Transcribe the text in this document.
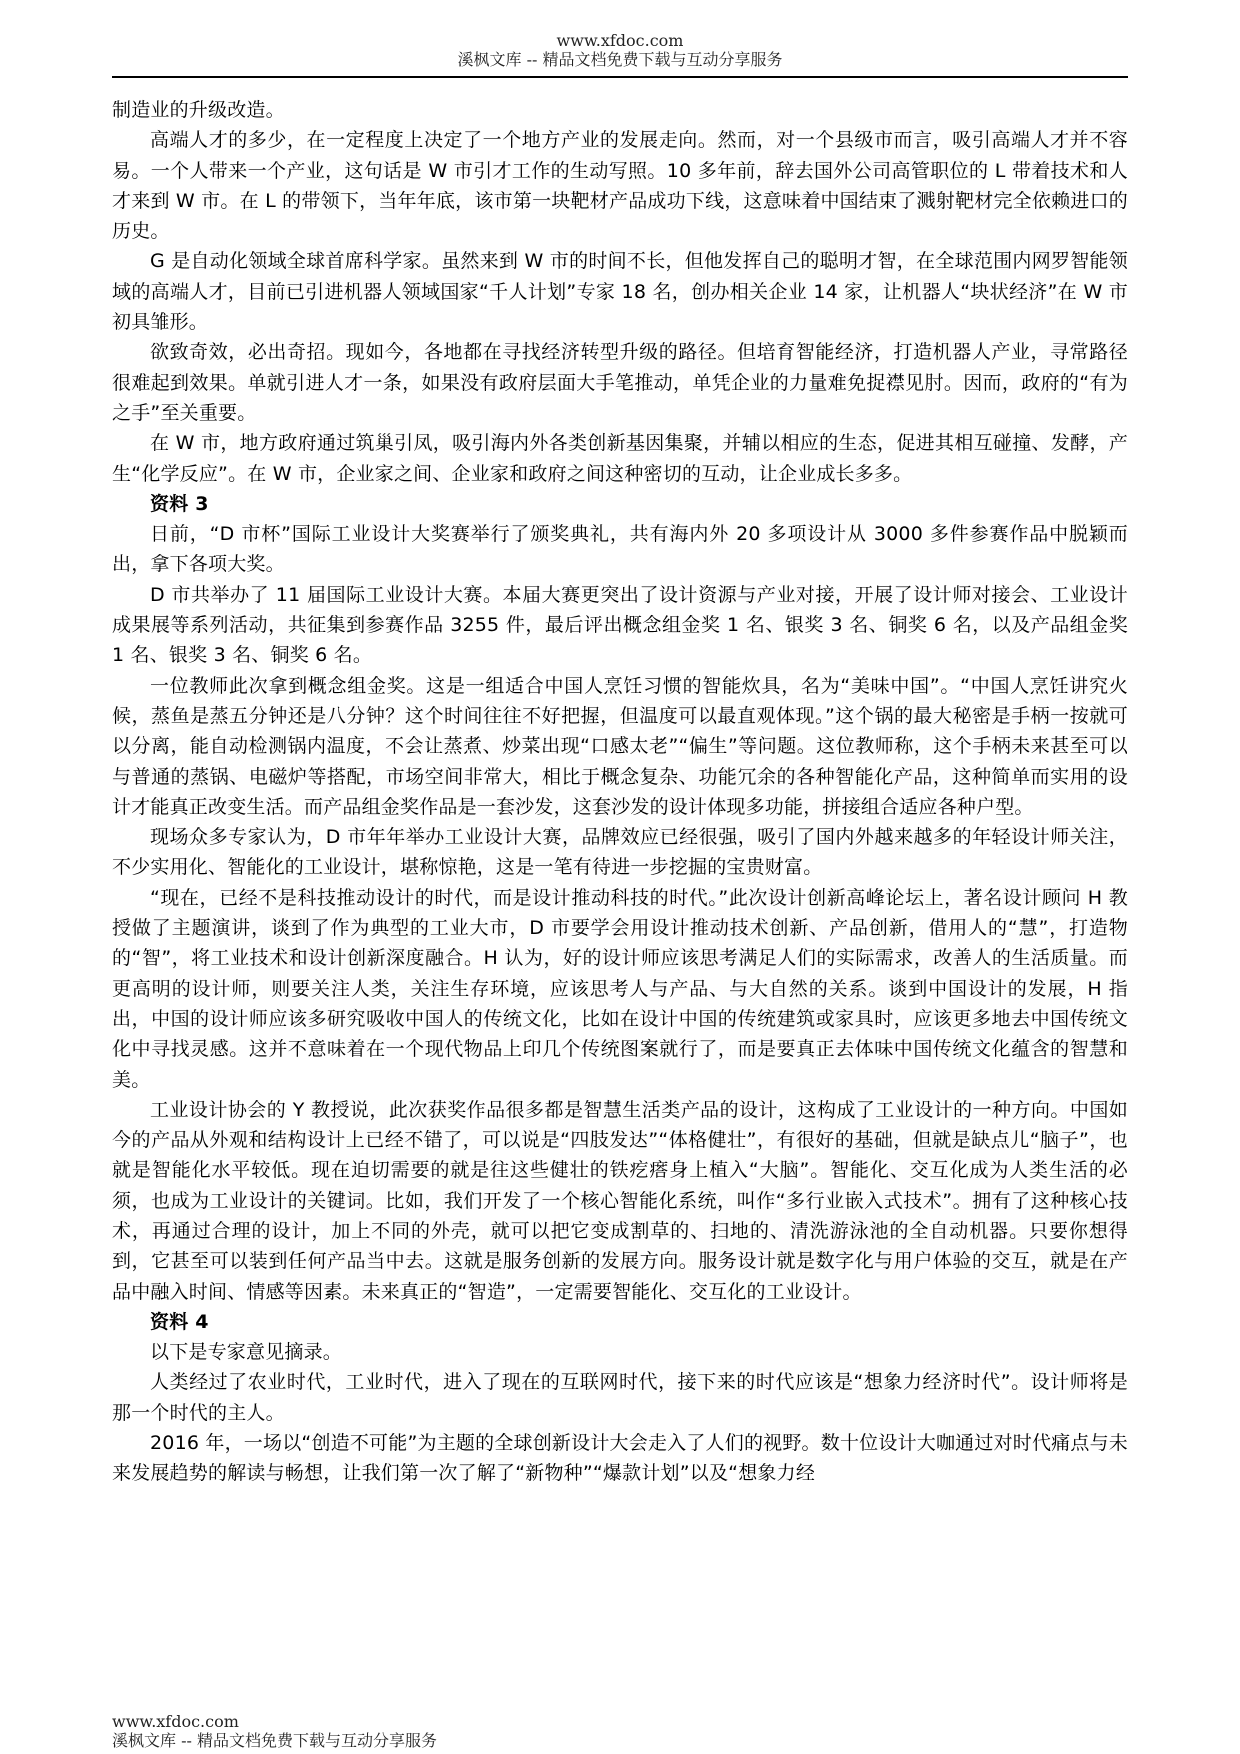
www.xfdoc.com
溪枫文库 -- 精品文档免费下载与互动分享服务

制造业的升级改造。

高端人才的多少，在一定程度上决定了一个地方产业的发展走向。然而，对一个县级市而言，吸引高端人才并不容易。一个人带来一个产业，这句话是 W 市引才工作的生动写照。10 多年前，辞去国外公司高管职位的 L 带着技术和人才来到 W 市。在 L 的带领下，当年年底，该市第一块靶材产品成功下线，这意味着中国结束了溅射靶材完全依赖进口的历史。

G 是自动化领域全球首席科学家。虽然来到 W 市的时间不长，但他发挥自己的聪明才智，在全球范围内网罗智能领域的高端人才，目前已引进机器人领域国家“千人计划”专家 18 名，创办相关企业 14 家，让机器人“块状经济”在 W 市初具雏形。

欲致奇效，必出奇招。现如今，各地都在寻找经济转型升级的路径。但培育智能经济，打造机器人产业，寻常路径很难起到效果。单就引进人才一条，如果没有政府层面大手笔推动，单凭企业的力量难免捉襟见肘。因而，政府的“有为之手”至关重要。

在 W 市，地方政府通过筑巢引凤，吸引海内外各类创新基因集聚，并辅以相应的生态，促进其相互碰撞、发酵，产生“化学反应”。在 W 市，企业家之间、企业家和政府之间这种密切的互动，让企业成长多多。

资料 3

日前，“D 市杯”国际工业设计大奖赛举行了颁奖典礼，共有海内外 20 多项设计从 3000 多件参赛作品中脱颖而出，拿下各项大奖。

D 市共举办了 11 届国际工业设计大赛。本届大赛更突出了设计资源与产业对接，开展了设计师对接会、工业设计成果展等系列活动，共征集到参赛作品 3255 件，最后评出概念组金奖 1 名、银奖 3 名、铜奖 6 名，以及产品组金奖 1 名、银奖 3 名、铜奖 6 名。

一位教师此次拿到概念组金奖。这是一组适合中国人烹饪习惯的智能炊具，名为“美味中国”。“中国人烹饪讲究火候，蒸鱼是蒸五分钟还是八分钟？这个时间往往不好把握，但温度可以最直观体现。”这个锅的最大秘密是手柄一按就可以分离，能自动检测锅内温度，不会让蒸煮、炒菜出现“口感太老”“偏生”等问题。这位教师称，这个手柄未来甚至可以与普通的蒸锅、电磁炉等搭配，市场空间非常大，相比于概念复杂、功能冗余的各种智能化产品，这种简单而实用的设计才能真正改变生活。而产品组金奖作品是一套沙发，这套沙发的设计体现多功能，拼接组合适应各种户型。

现场众多专家认为，D 市年年举办工业设计大赛，品牌效应已经很强，吸引了国内外越来越多的年轻设计师关注，不少实用化、智能化的工业设计，堪称惊艳，这是一笔有待进一步挖掘的宝贵财富。

“现在，已经不是科技推动设计的时代，而是设计推动科技的时代。”此次设计创新高峰论坛上，著名设计顾问 H 教授做了主题演讲，谈到了作为典型的工业大市，D 市要学会用设计推动技术创新、产品创新，借用人的“慧”，打造物的“智”，将工业技术和设计创新深度融合。H 认为，好的设计师应该思考满足人们的实际需求，改善人的生活质量。而更高明的设计师，则要关注人类，关注生存环境，应该思考人与产品、与大自然的关系。谈到中国设计的发展，H 指出，中国的设计师应该多研究吸收中国人的传统文化，比如在设计中国的传统建筑或家具时，应该更多地去中国传统文化中寻找灵感。这并不意味着在一个现代物品上印几个传统图案就行了，而是要真正去体味中国传统文化蕴含的智慧和美。

工业设计协会的 Y 教授说，此次获奖作品很多都是智慧生活类产品的设计，这构成了工业设计的一种方向。中国如今的产品从外观和结构设计上已经不错了，可以说是“四肢发达”“体格健壮”，有很好的基础，但就是缺点儿“脑子”，也就是智能化水平较低。现在迫切需要的就是往这些健壮的铁疙瘩身上植入“大脑”。智能化、交互化成为人类生活的必须，也成为工业设计的关键词。比如，我们开发了一个核心智能化系统，叫作“多行业嵌入式技术”。拥有了这种核心技术，再通过合理的设计，加上不同的外壳，就可以把它变成割草的、扫地的、清洗游泳池的全自动机器。只要你想得到，它甚至可以装到任何产品当中去。这就是服务创新的发展方向。服务设计就是数字化与用户体验的交互，就是在产品中融入时间、情感等因素。未来真正的“智造”，一定需要智能化、交互化的工业设计。

资料 4

以下是专家意见摘录。

人类经过了农业时代，工业时代，进入了现在的互联网时代，接下来的时代应该是“想象力经济时代”。设计师将是那一个时代的主人。

2016 年，一场以“创造不可能”为主题的全球创新设计大会走入了人们的视野。数十位设计大咖通过对时代痛点与未来发展趋势的解读与畅想，让我们第一次了解了“新物种”“爆款计划”以及“想象力经

www.xfdoc.com
溪枫文库 -- 精品文档免费下载与互动分享服务
